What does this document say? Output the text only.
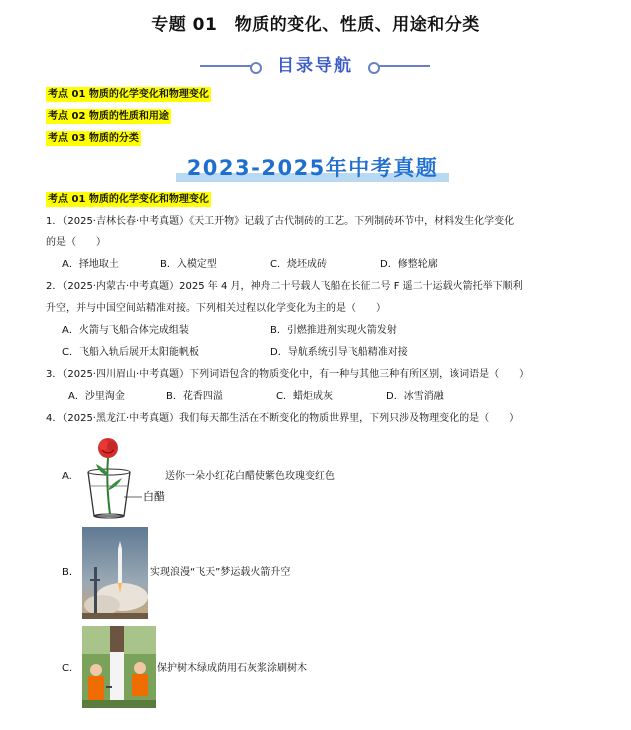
专题 01　物质的变化、性质、用途和分类
目录导航
考点 01 物质的化学变化和物理变化
考点 02 物质的性质和用途
考点 03 物质的分类
2023-2025年中考真题
考点 01 物质的化学变化和物理变化
1．（2025·吉林长春·中考真题）《天工开物》记载了古代制砖的工艺。下列制砖环节中，材料发生化学变化
的是（　　）
A．择地取土	B．入模定型	C．烧坯成砖	D．修整轮廓
2．（2025·内蒙古·中考真题）2025 年 4 月，神舟二十号载人飞船在长征二号 F 遥二十运载火箭托举下顺利
升空，并与中国空间站精准对接。下列相关过程以化学变化为主的是（　　）
A．火箭与飞船合体完成组装	B．引燃推进剂实现火箭发射
C．飞船入轨后展开太阳能帆板	D．导航系统引导飞船精准对接
3．（2025·四川眉山·中考真题）下列词语包含的物质变化中，有一种与其他三种有所区别，该词语是（　　）
A．沙里淘金	B．花香四溢	C．蜡炬成灰	D．冰雪消融
4．（2025·黑龙江·中考真题）我们每天都生活在不断变化的物质世界里，下列只涉及物理变化的是（　　）
A.
白醋
送你一朵小红花白醋使紫色玫瑰变红色
B.	实现浪漫“飞天”梦运载火箭升空
C.	保护树木绿成荫用石灰浆涂刷树木
